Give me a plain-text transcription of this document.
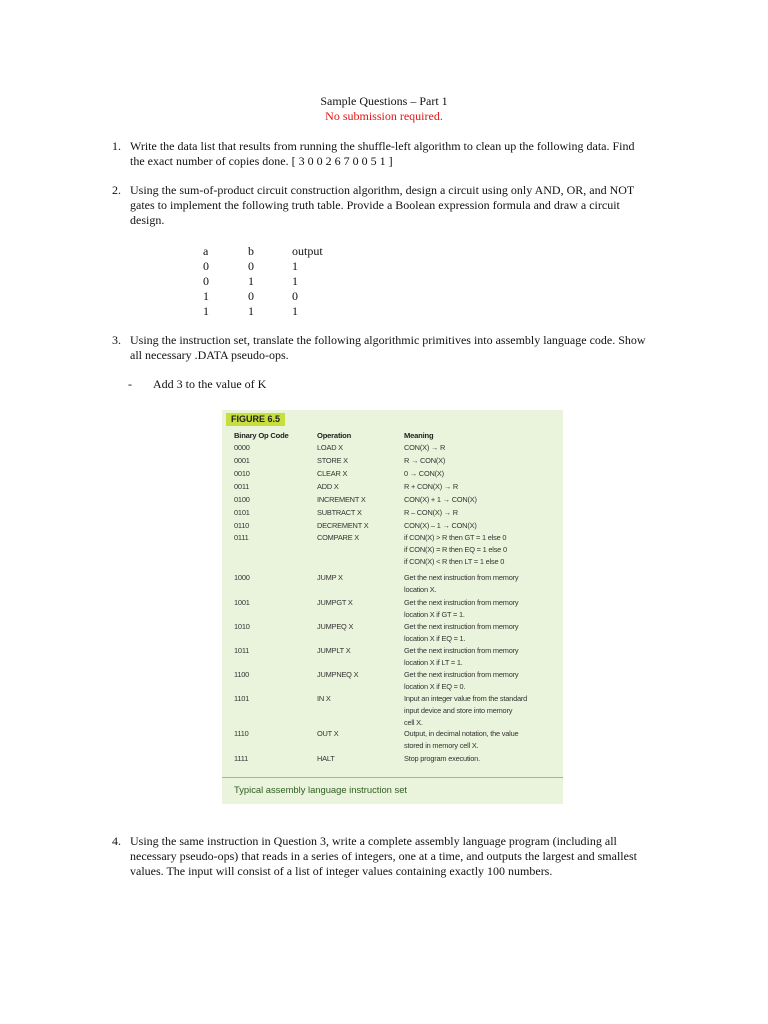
Sample Questions – Part 1
No submission required.
1. Write the data list that results from running the shuffle-left algorithm to clean up the following data. Find the exact number of copies done. [ 3 0 0 2 6 7 0 0 5 1 ]
2. Using the sum-of-product circuit construction algorithm, design a circuit using only AND, OR, and NOT gates to implement the following truth table. Provide a Boolean expression formula and draw a circuit design.
a	b	output
0	0	1
0	1	1
1	0	0
1	1	1
3. Using the instruction set, translate the following algorithmic primitives into assembly language code. Show all necessary .DATA pseudo-ops.
- Add 3 to the value of K
FIGURE 6.5
Binary Op Code	Operation	Meaning
0000	LOAD X	CON(X) → R
0001	STORE X	R → CON(X)
0010	CLEAR X	0 → CON(X)
0011	ADD X	R + CON(X) → R
0100	INCREMENT X	CON(X) + 1 → CON(X)
0101	SUBTRACT X	R – CON(X) → R
0110	DECREMENT X	CON(X) – 1 → CON(X)
0111	COMPARE X	if CON(X) > R then GT = 1 else 0
if CON(X) = R then EQ = 1 else 0
if CON(X) < R then LT = 1 else 0
1000	JUMP X	Get the next instruction from memory
location X.
1001	JUMPGT X	Get the next instruction from memory
location X if GT = 1.
1010	JUMPEQ X	Get the next instruction from memory
location X if EQ = 1.
1011	JUMPLT X	Get the next instruction from memory
location X if LT = 1.
1100	JUMPNEQ X	Get the next instruction from memory
location X if EQ = 0.
1101	IN X	Input an integer value from the standard
input device and store into memory
cell X.
1110	OUT X	Output, in decimal notation, the value
stored in memory cell X.
1111	HALT	Stop program execution.
Typical assembly language instruction set
4. Using the same instruction in Question 3, write a complete assembly language program (including all necessary pseudo-ops) that reads in a series of integers, one at a time, and outputs the largest and smallest values. The input will consist of a list of integer values containing exactly 100 numbers.
